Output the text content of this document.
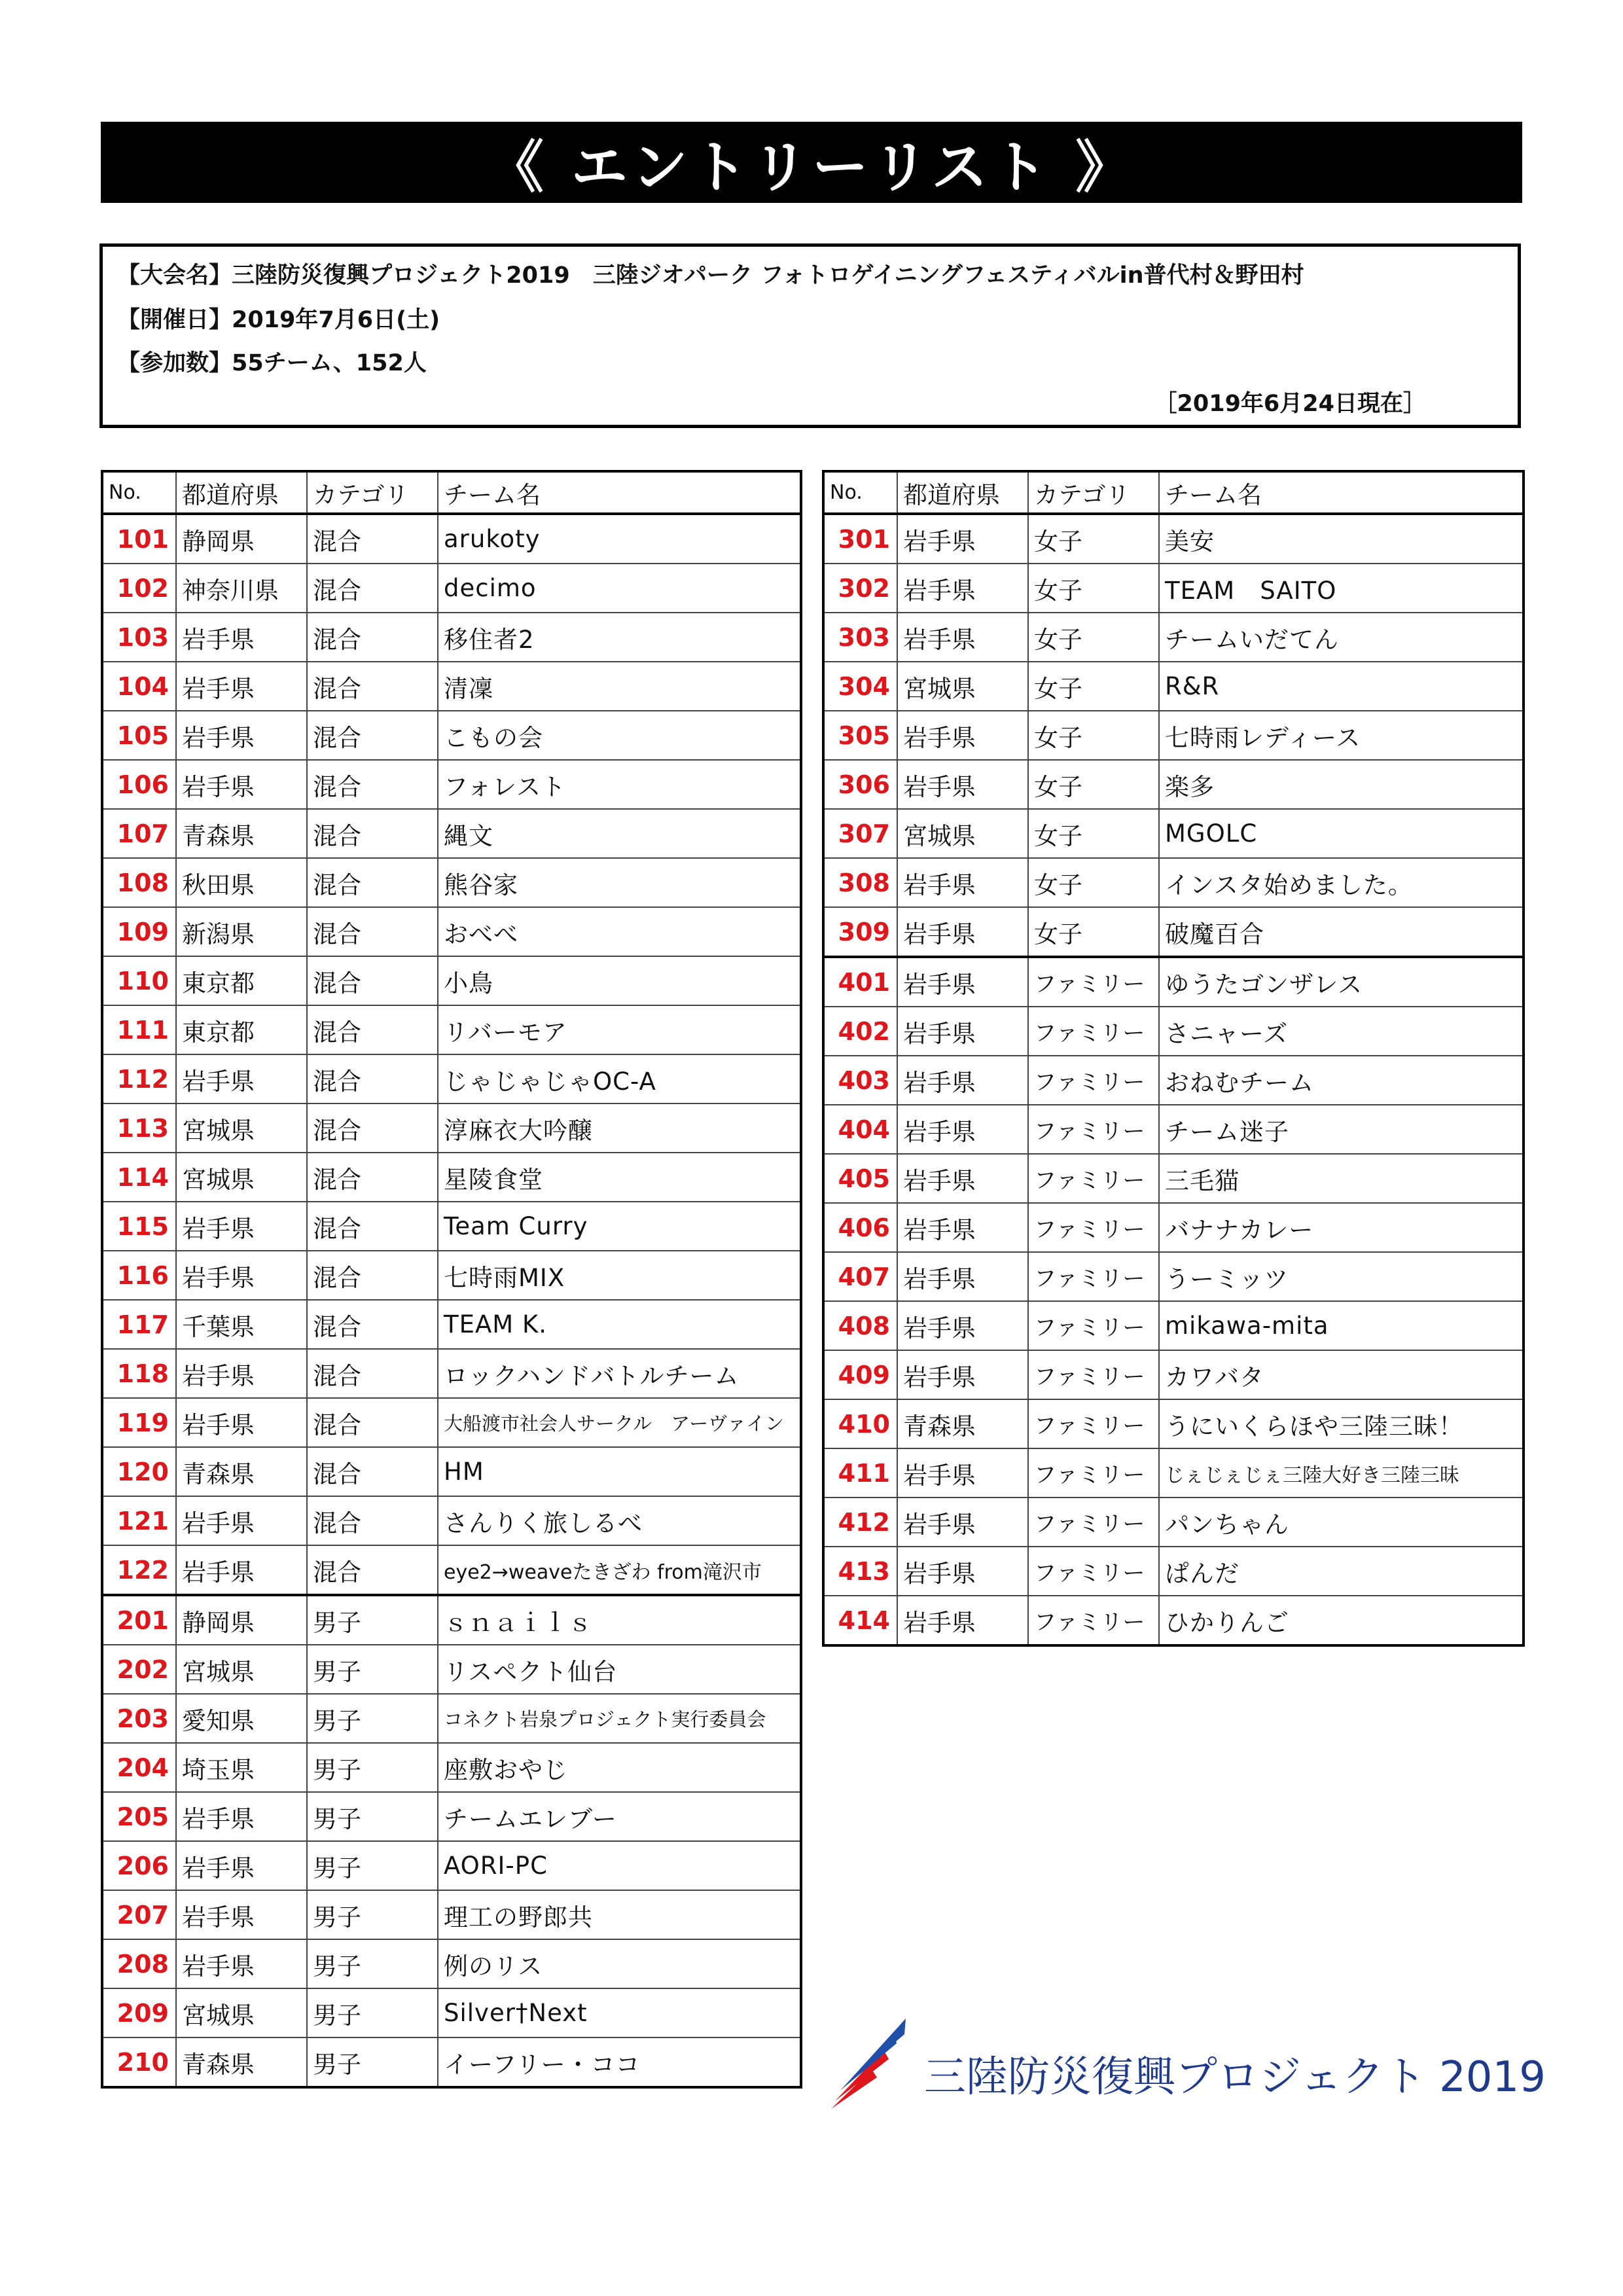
《 エントリーリスト 》
【大会名】三陸防災復興プロジェクト2019　三陸ジオパーク フォトロゲイニングフェスティバルin普代村＆野田村
【開催日】2019年7月6日(土)
【参加数】55チーム、152人
［2019年6月24日現在］
No.	都道府県	カテゴリ	チーム名
101	静岡県	混合	arukoty
102	神奈川県	混合	decimo
103	岩手県	混合	移住者2
104	岩手県	混合	清凜
105	岩手県	混合	こもの会
106	岩手県	混合	フォレスト
107	青森県	混合	縄文
108	秋田県	混合	熊谷家
109	新潟県	混合	おべべ
110	東京都	混合	小鳥
111	東京都	混合	リバーモア
112	岩手県	混合	じゃじゃじゃOC-A
113	宮城県	混合	淳麻衣大吟醸
114	宮城県	混合	星陵食堂
115	岩手県	混合	Team Curry
116	岩手県	混合	七時雨MIX
117	千葉県	混合	TEAM K.
118	岩手県	混合	ロックハンドバトルチーム
119	岩手県	混合	大船渡市社会人サークル　アーヴァイン
120	青森県	混合	HM
121	岩手県	混合	さんりく旅しるべ
122	岩手県	混合	eye2→weaveたきざわ from滝沢市
201	静岡県	男子	ｓｎａｉｌｓ
202	宮城県	男子	リスペクト仙台
203	愛知県	男子	コネクト岩泉プロジェクト実行委員会
204	埼玉県	男子	座敷おやじ
205	岩手県	男子	チームエレブー
206	岩手県	男子	AORI-PC
207	岩手県	男子	理工の野郎共
208	岩手県	男子	例のリス
209	宮城県	男子	Silver†Next
210	青森県	男子	イーフリー・ココ
No.	都道府県	カテゴリ	チーム名
301	岩手県	女子	美安
302	岩手県	女子	TEAM　SAITO
303	岩手県	女子	チームいだてん
304	宮城県	女子	R&R
305	岩手県	女子	七時雨レディース
306	岩手県	女子	楽多
307	宮城県	女子	MGOLC
308	岩手県	女子	インスタ始めました。
309	岩手県	女子	破魔百合
401	岩手県	ファミリー	ゆうたゴンザレス
402	岩手県	ファミリー	さニャーズ
403	岩手県	ファミリー	おねむチーム
404	岩手県	ファミリー	チーム迷子
405	岩手県	ファミリー	三毛猫
406	岩手県	ファミリー	バナナカレー
407	岩手県	ファミリー	うーミッツ
408	岩手県	ファミリー	mikawa-mita
409	岩手県	ファミリー	カワバタ
410	青森県	ファミリー	うにいくらほや三陸三昧！
411	岩手県	ファミリー	じぇじぇじぇ三陸大好き三陸三昧
412	岩手県	ファミリー	パンちゃん
413	岩手県	ファミリー	ぱんだ
414	岩手県	ファミリー	ひかりんご
三陸防災復興プロジェクト 2019
